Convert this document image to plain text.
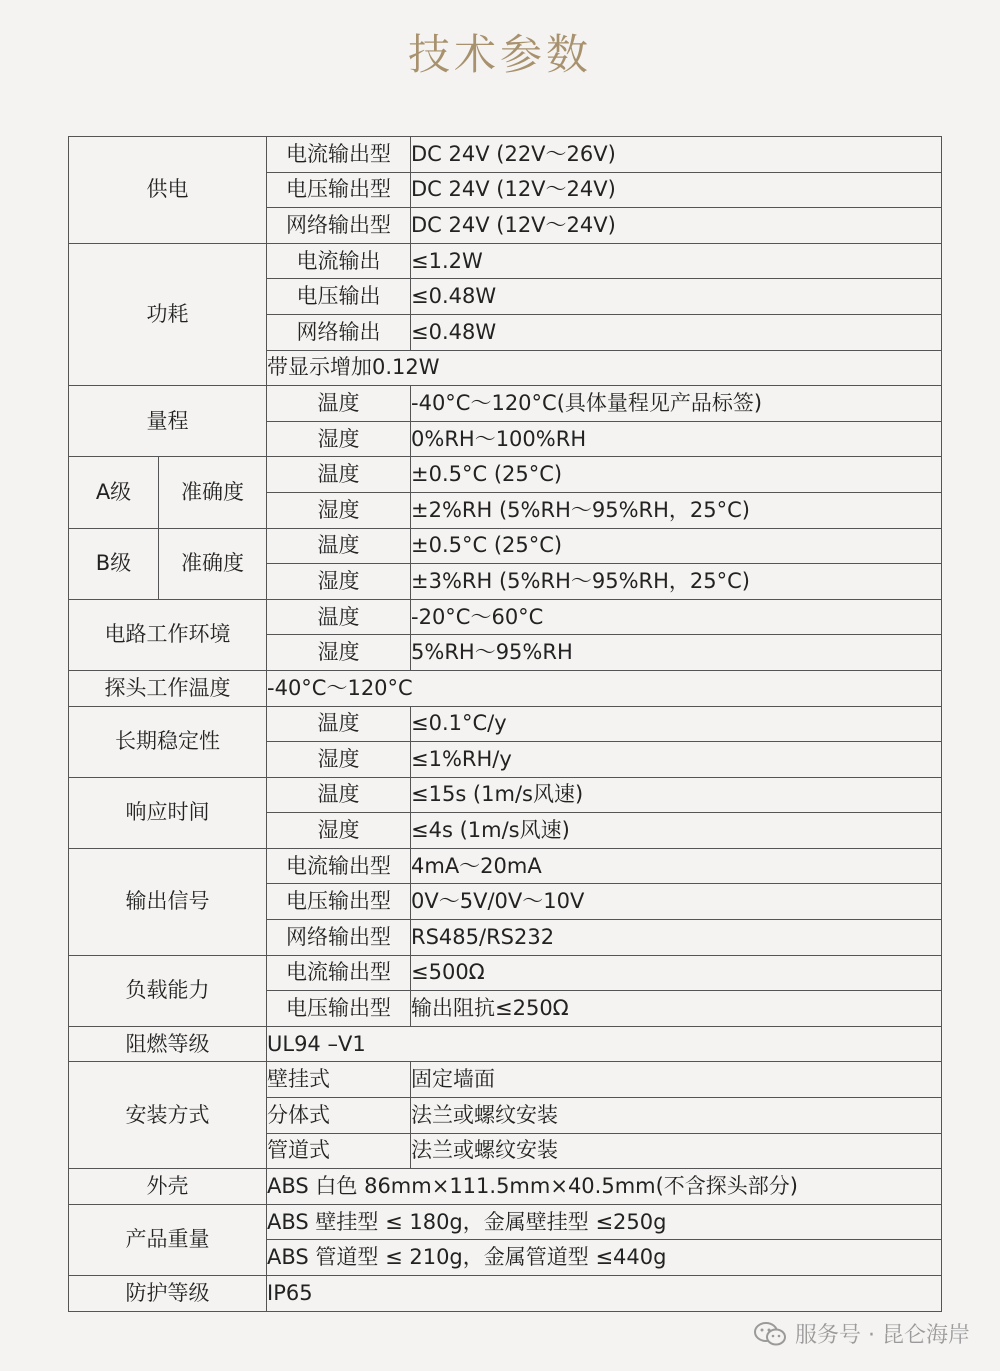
技术参数
供电		电流输出型	DC 24V (22V～26V)
		电压输出型	DC 24V (12V～24V)
		网络输出型	DC 24V (12V～24V)
功耗		电流输出	≤1.2W
		电压输出	≤0.48W
		网络输出	≤0.48W
		带显示增加0.12W	
量程		温度	-40°C～120°C(具体量程见产品标签)
		湿度	0%RH～100%RH
A级	准确度	温度	±0.5°C (25°C)
		湿度	±2%RH (5%RH～95%RH，25°C)
B级	准确度	温度	±0.5°C (25°C)
		湿度	±3%RH (5%RH～95%RH，25°C)
电路工作环境		温度	-20°C～60°C
		湿度	5%RH～95%RH
探头工作温度		-40°C～120°C	
长期稳定性		温度	≤0.1°C/y
		湿度	≤1%RH/y
响应时间		温度	≤15s (1m/s风速)
		湿度	≤4s (1m/s风速)
输出信号		电流输出型	4mA～20mA
		电压输出型	0V～5V/0V～10V
		网络输出型	RS485/RS232
负载能力		电流输出型	≤500Ω
		电压输出型	输出阻抗≤250Ω
阻燃等级		UL94 –V1	
安装方式		壁挂式	固定墙面
		分体式	法兰或螺纹安装
		管道式	法兰或螺纹安装
外壳		ABS 白色 86mm×111.5mm×40.5mm(不含探头部分)	
产品重量		ABS 壁挂型 ≤ 180g，金属壁挂型 ≤250g	
		ABS 管道型 ≤ 210g，金属管道型 ≤440g	
防护等级		IP65	
服务号 · 昆仑海岸
